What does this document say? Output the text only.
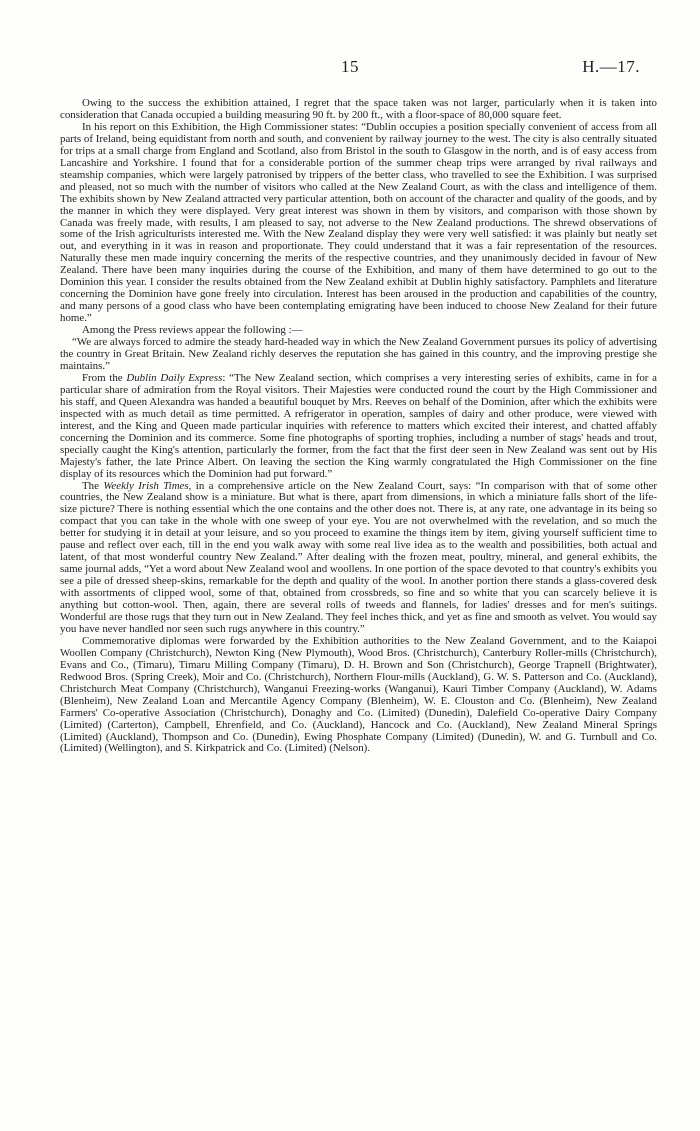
15	H.—17.

Owing to the success the exhibition attained, I regret that the space taken was not larger, particularly when it is taken into consideration that Canada occupied a building measuring 90 ft. by 200 ft., with a floor-space of 80,000 square feet.

In his report on this Exhibition, the High Commissioner states: “Dublin occupies a position specially convenient of access from all parts of Ireland, being equidistant from north and south, and convenient by railway journey to the west. The city is also centrally situated for trips at a small charge from England and Scotland, also from Bristol in the south to Glasgow in the north, and is of easy access from Lancashire and Yorkshire. I found that for a considerable portion of the summer cheap trips were arranged by rival railways and steamship companies, which were largely patronised by trippers of the better class, who travelled to see the Exhibition. I was surprised and pleased, not so much with the number of visitors who called at the New Zealand Court, as with the class and intelligence of them. The exhibits shown by New Zealand attracted very particular attention, both on account of the character and quality of the goods, and by the manner in which they were displayed. Very great interest was shown in them by visitors, and comparison with those shown by Canada was freely made, with results, I am pleased to say, not adverse to the New Zealand productions. The shrewd observations of some of the Irish agriculturists interested me. With the New Zealand display they were very well satisfied: it was plainly but neatly set out, and everything in it was in reason and proportionate. They could understand that it was a fair representation of the resources. Naturally these men made inquiry concerning the merits of the respective countries, and they unanimously decided in favour of New Zealand. There have been many inquiries during the course of the Exhibition, and many of them have determined to go out to the Dominion this year. I consider the results obtained from the New Zealand exhibit at Dublin highly satisfactory. Pamphlets and literature concerning the Dominion have gone freely into circulation. Interest has been aroused in the production and capabilities of the country, and many persons of a good class who have been contemplating emigrating have been induced to choose New Zealand for their future home.”

Among the Press reviews appear the following :—

“We are always forced to admire the steady hard-headed way in which the New Zealand Government pursues its policy of advertising the country in Great Britain. New Zealand richly deserves the reputation she has gained in this country, and the improving prestige she maintains.”

From the Dublin Daily Express: “The New Zealand section, which comprises a very interesting series of exhibits, came in for a particular share of admiration from the Royal visitors. Their Majesties were conducted round the court by the High Commissioner and his staff, and Queen Alexandra was handed a beautiful bouquet by Mrs. Reeves on behalf of the Dominion, after which the exhibits were inspected with as much detail as time permitted. A refrigerator in operation, samples of dairy and other produce, were viewed with interest, and the King and Queen made particular inquiries with reference to matters which excited their interest, and chatted affably concerning the Dominion and its commerce. Some fine photographs of sporting trophies, including a number of stags' heads and trout, specially caught the King's attention, particularly the former, from the fact that the first deer seen in New Zealand was sent out by His Majesty's father, the late Prince Albert. On leaving the section the King warmly congratulated the High Commissioner on the fine display of its resources which the Dominion had put forward.”

The Weekly Irish Times, in a comprehensive article on the New Zealand Court, says: “In comparison with that of some other countries, the New Zealand show is a miniature. But what is there, apart from dimensions, in which a miniature falls short of the life-size picture? There is nothing essential which the one contains and the other does not. There is, at any rate, one advantage in its being so compact that you can take in the whole with one sweep of your eye. You are not overwhelmed with the revelation, and so much the better for studying it in detail at your leisure, and so you proceed to examine the things item by item, giving yourself sufficient time to pause and reflect over each, till in the end you walk away with some real live idea as to the wealth and possibilities, both actual and latent, of that most wonderful country New Zealand.” After dealing with the frozen meat, poultry, mineral, and general exhibits, the same journal adds, “Yet a word about New Zealand wool and woollens. In one portion of the space devoted to that country's exhibits you see a pile of dressed sheep-skins, remarkable for the depth and quality of the wool. In another portion there stands a glass-covered desk with assortments of clipped wool, some of that, obtained from crossbreds, so fine and so white that you can scarcely believe it is anything but cotton-wool. Then, again, there are several rolls of tweeds and flannels, for ladies' dresses and for men's suitings. Wonderful are those rugs that they turn out in New Zealand. They feel inches thick, and yet as fine and smooth as velvet. You would say you have never handled nor seen such rugs anywhere in this country.”

Commemorative diplomas were forwarded by the Exhibition authorities to the New Zealand Government, and to the Kaiapoi Woollen Company (Christchurch), Newton King (New Plymouth), Wood Bros. (Christchurch), Canterbury Roller-mills (Christchurch), Evans and Co., (Timaru), Timaru Milling Company (Timaru), D. H. Brown and Son (Christchurch), George Trapnell (Brightwater), Redwood Bros. (Spring Creek), Moir and Co. (Christchurch), Northern Flour-mills (Auckland), G. W. S. Patterson and Co. (Auckland), Christchurch Meat Company (Christchurch), Wanganui Freezing-works (Wanganui), Kauri Timber Company (Auckland), W. Adams (Blenheim), New Zealand Loan and Mercantile Agency Company (Blenheim), W. E. Clouston and Co. (Blenheim), New Zealand Farmers' Co-operative Association (Christchurch), Donaghy and Co. (Limited) (Dunedin), Dalefield Co-operative Dairy Company (Limited) (Carterton), Campbell, Ehrenfield, and Co. (Auckland), Hancock and Co. (Auckland), New Zealand Mineral Springs (Limited) (Auckland), Thompson and Co. (Dunedin), Ewing Phosphate Company (Limited) (Dunedin), W. and G. Turnbull and Co. (Limited) (Wellington), and S. Kirkpatrick and Co. (Limited) (Nelson).
